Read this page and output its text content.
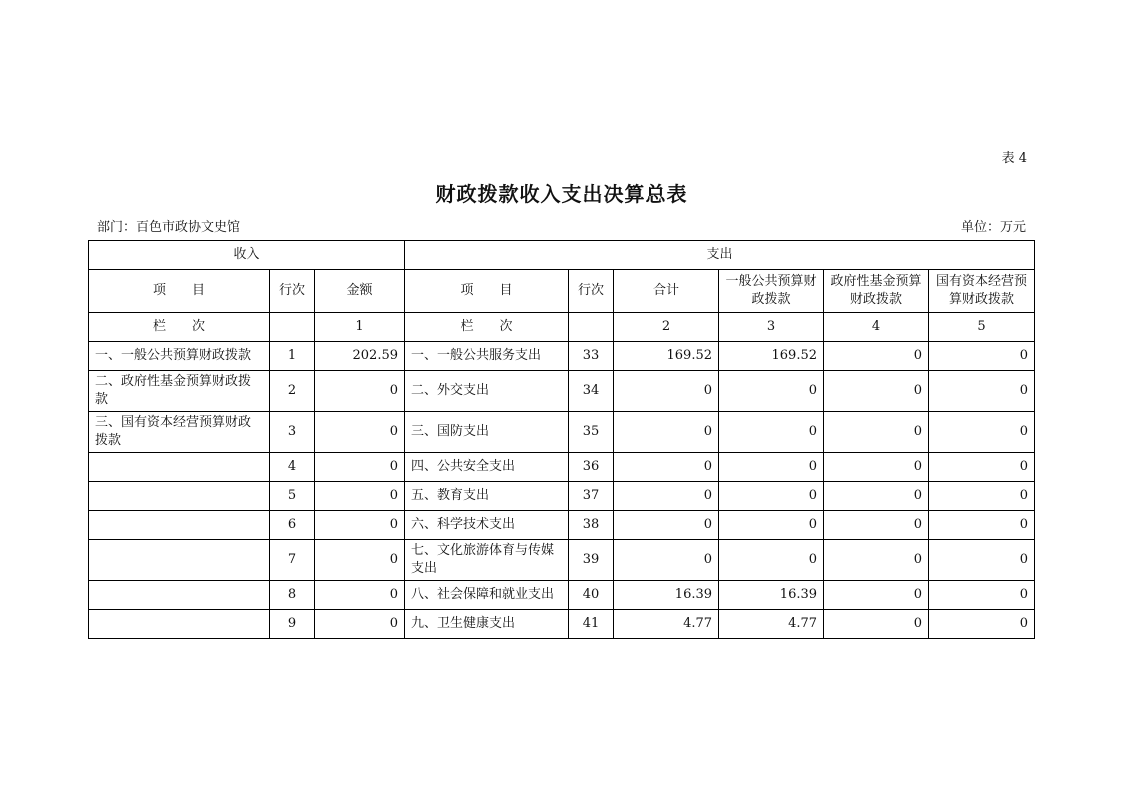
表 4
财政拨款收入支出决算总表
部门：百色市政协文史馆	单位：万元
收入			支出					
项　　目	行次	金额	项　　目	行次	合计	一般公共预算财政拨款	政府性基金预算财政拨款	国有资本经营预算财政拨款
栏　　次		1	栏　　次		2	3	4	5
一、一般公共预算财政拨款	1	202.59	一、一般公共服务支出	33	169.52	169.52	0	0
二、政府性基金预算财政拨款	2	0	二、外交支出	34	0	0	0	0
三、国有资本经营预算财政拨款	3	0	三、国防支出	35	0	0	0	0
	4	0	四、公共安全支出	36	0	0	0	0
	5	0	五、教育支出	37	0	0	0	0
	6	0	六、科学技术支出	38	0	0	0	0
	7	0	七、文化旅游体育与传媒支出	39	0	0	0	0
	8	0	八、社会保障和就业支出	40	16.39	16.39	0	0
	9	0	九、卫生健康支出	41	4.77	4.77	0	0
